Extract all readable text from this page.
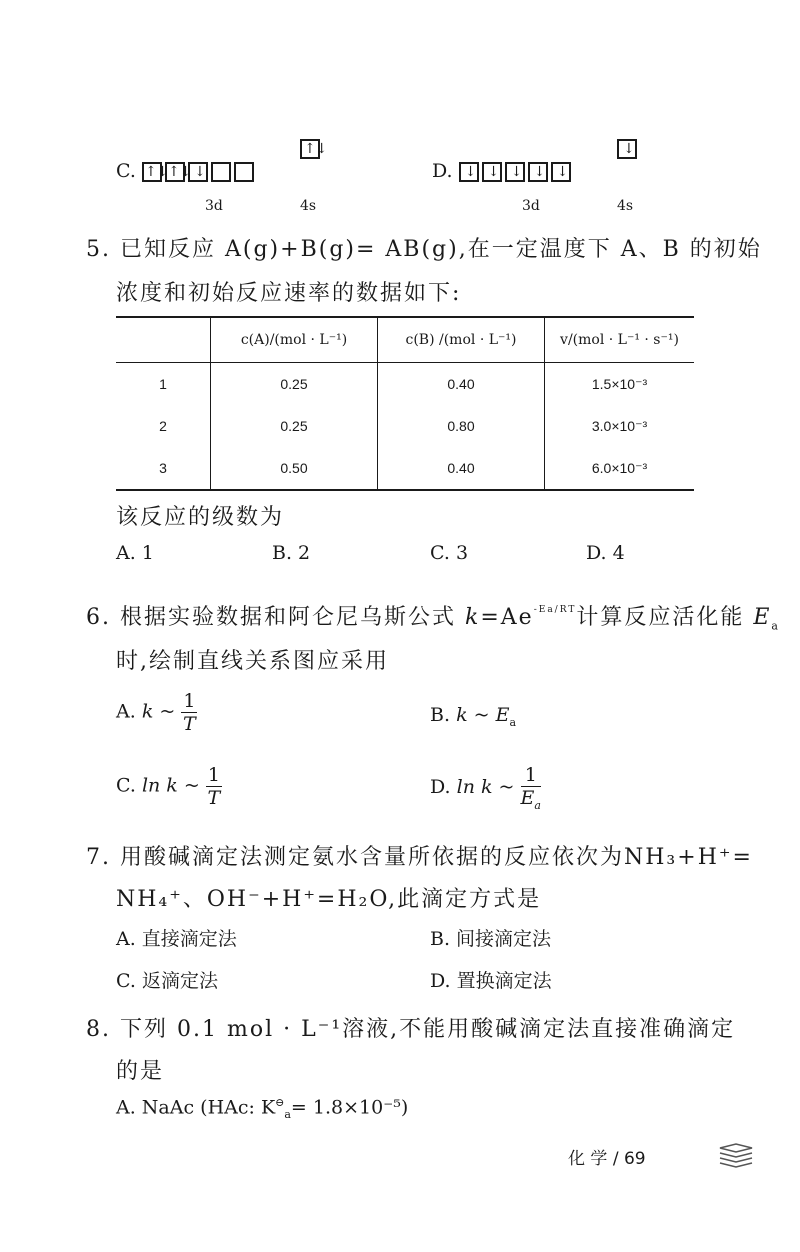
C. ↑↓ ↑↓ ↓
↑↓
3d	4s
D. ↓ ↓ ↓ ↓ ↓
↓
3d	4s
5. 已知反应 A(g)+B(g)= AB(g),在一定温度下 A、B 的初始
浓度和初始反应速率的数据如下:
	c(A)/(mol · L⁻¹)	c(B) /(mol · L⁻¹)	v/(mol · L⁻¹ · s⁻¹)
1	0.25	0.40	1.5×10⁻³
2	0.25	0.80	3.0×10⁻³
3	0.50	0.40	6.0×10⁻³
该反应的级数为
A. 1	B. 2	C. 3	D. 4
6. 根据实验数据和阿仑尼乌斯公式 $k=Ae^{-Ea/RT}$计算反应活化能 $E_a$
时,绘制直线关系图应采用
A. k ~ $\frac{1}{T}$	B. k ~ $E_a$
C. ln k ~ $\frac{1}{T}$	D. ln k ~ $\frac{1}{E_a}$
7. 用酸碱滴定法测定氨水含量所依据的反应依次为NH₃+H⁺=
NH₄⁺、OH⁻+H⁺=H₂O,此滴定方式是
A. 直接滴定法	B. 间接滴定法
C. 返滴定法	D. 置换滴定法
8. 下列 0.1 mol · L⁻¹溶液,不能用酸碱滴定法直接准确滴定
的是
A. NaAc (HAc: $K^⊖_a= 1.8\times 10^{-5}$)
化 学 / 69
